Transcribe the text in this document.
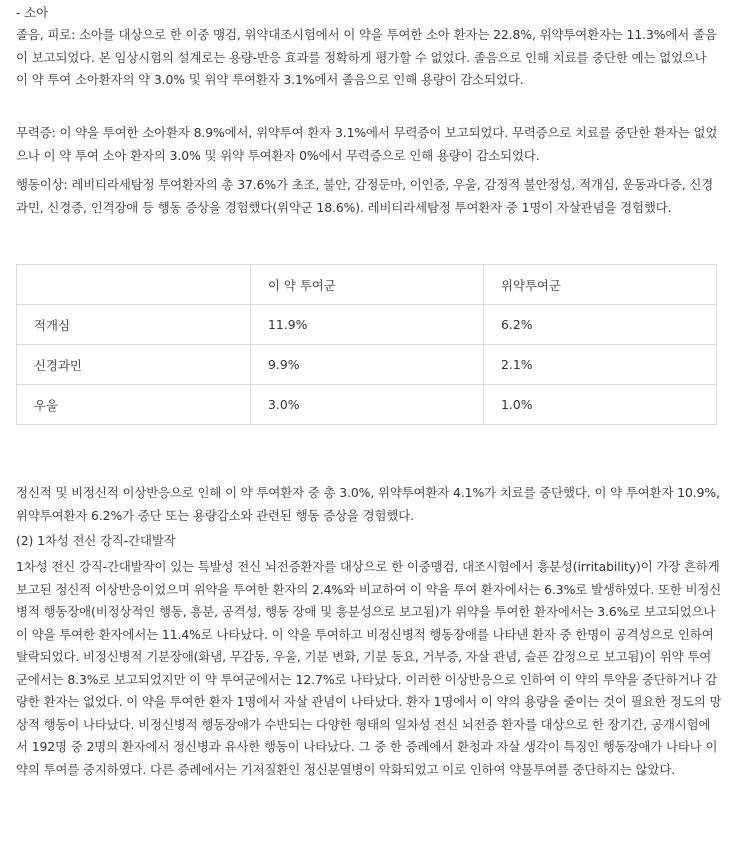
- 소아

졸음, 피로: 소아를 대상으로 한 이중 맹검, 위약대조시험에서 이 약을 투여한 소아 환자는 22.8%, 위약투여환자는 11.3%에서 졸음이 보고되었다. 본 임상시험의 설계로는 용량-반응 효과를 정확하게 평가할 수 없었다. 졸음으로 인해 치료를 중단한 예는 없었으나 이 약 투여 소아환자의 약 3.0% 및 위약 투여환자 3.1%에서 졸음으로 인해 용량이 감소되었다.

무력증: 이 약을 투여한 소아환자 8.9%에서, 위약투여 환자 3.1%에서 무력증이 보고되었다. 무력증으로 치료를 중단한 환자는 없었으나 이 약 투여 소아 환자의 3.0% 및 위약 투여환자 0%에서 무력증으로 인해 용량이 감소되었다.

행동이상: 레비티라세탐정 투여환자의 총 37.6%가 초조, 불안, 감정둔마, 이인증, 우울, 감정적 불안정성, 적개심, 운동과다증, 신경과민, 신경증, 인격장애 등 행동 증상을 경험했다(위약군 18.6%). 레비티라세탐정 투여환자 중 1명이 자살관념을 경험했다.

	이 약 투여군	위약투여군
적개심	11.9%	6.2%
신경과민	9.9%	2.1%
우울	3.0%	1.0%

정신적 및 비정신적 이상반응으로 인해 이 약 투여환자 중 총 3.0%, 위약투여환자 4.1%가 치료를 중단했다. 이 약 투여환자 10.9%, 위약투여환자 6.2%가 중단 또는 용량감소와 관련된 행동 증상을 경험했다.

(2) 1차성 전신 강직-간대발작

1차성 전신 강직-간대발작이 있는 특발성 전신 뇌전증환자를 대상으로 한 이중맹검, 대조시험에서 흥분성(irritability)이 가장 흔하게 보고된 정신적 이상반응이었으며 위약을 투여한 환자의 2.4%와 비교하여 이 약을 투여 환자에서는 6.3%로 발생하였다. 또한 비정신병적 행동장애(비정상적인 행동, 흥분, 공격성, 행동 장애 및 흥분성으로 보고됨)가 위약을 투여한 환자에서는 3.6%로 보고되었으나 이 약을 투여한 환자에서는 11.4%로 나타났다. 이 약을 투여하고 비정신병적 행동장애를 나타낸 환자 중 한명이 공격성으로 인하여 탈락되었다. 비정신병적 기분장애(화냄, 무감동, 우울, 기분 변화, 기분 동요, 거부증, 자살 관념, 슬픈 감정으로 보고됨)이 위약 투여군에서는 8.3%로 보고되었지만 이 약 투여군에서는 12.7%로 나타났다. 이러한 이상반응으로 인하여 이 약의 투약을 중단하거나 감량한 환자는 없었다. 이 약을 투여한 환자 1명에서 자살 관념이 나타났다. 환자 1명에서 이 약의 용량을 줄이는 것이 필요한 정도의 망상적 행동이 나타났다. 비정신병적 행동장애가 수반되는 다양한 형태의 일차성 전신 뇌전증 환자를 대상으로 한 장기간, 공개시험에서 192명 중 2명의 환자에서 정신병과 유사한 행동이 나타났다. 그 중 한 증례에서 환청과 자살 생각이 특징인 행동장애가 나타나 이 약의 투여를 중지하였다. 다른 증례에서는 기저질환인 정신분열병이 악화되었고 이로 인하여 약물투여를 중단하지는 않았다.
